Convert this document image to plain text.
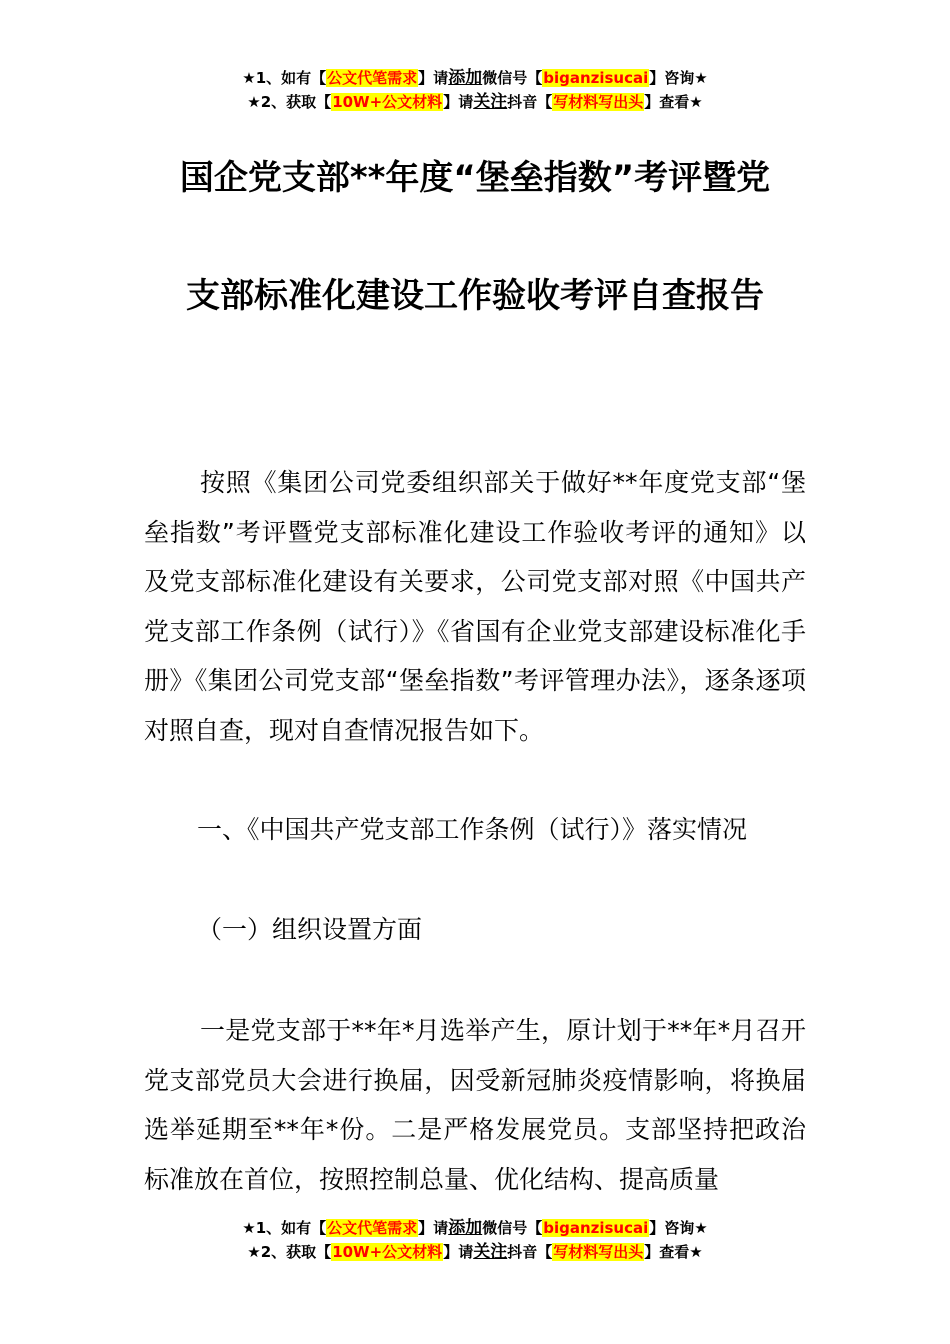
★1、如有【公文代笔需求】请添加微信号【biganzisucai】咨询★
★2、获取【10W+公文材料】请关注抖音【写材料写出头】查看★
国企党支部**年度“堡垒指数”考评暨党
支部标准化建设工作验收考评自查报告
按照《集团公司党委组织部关于做好**年度党支部“堡垒指数”考评暨党支部标准化建设工作验收考评的通知》以及党支部标准化建设有关要求，公司党支部对照《中国共产党支部工作条例（试行）》《省国有企业党支部建设标准化手册》《集团公司党支部“堡垒指数”考评管理办法》，逐条逐项对照自查，现对自查情况报告如下。
一、《中国共产党支部工作条例（试行）》落实情况
（一）组织设置方面
一是党支部于**年*月选举产生，原计划于**年*月召开党支部党员大会进行换届，因受新冠肺炎疫情影响，将换届选举延期至**年*份。二是严格发展党员。支部坚持把政治标准放在首位，按照控制总量、优化结构、提高质量
★1、如有【公文代笔需求】请添加微信号【biganzisucai】咨询★
★2、获取【10W+公文材料】请关注抖音【写材料写出头】查看★
